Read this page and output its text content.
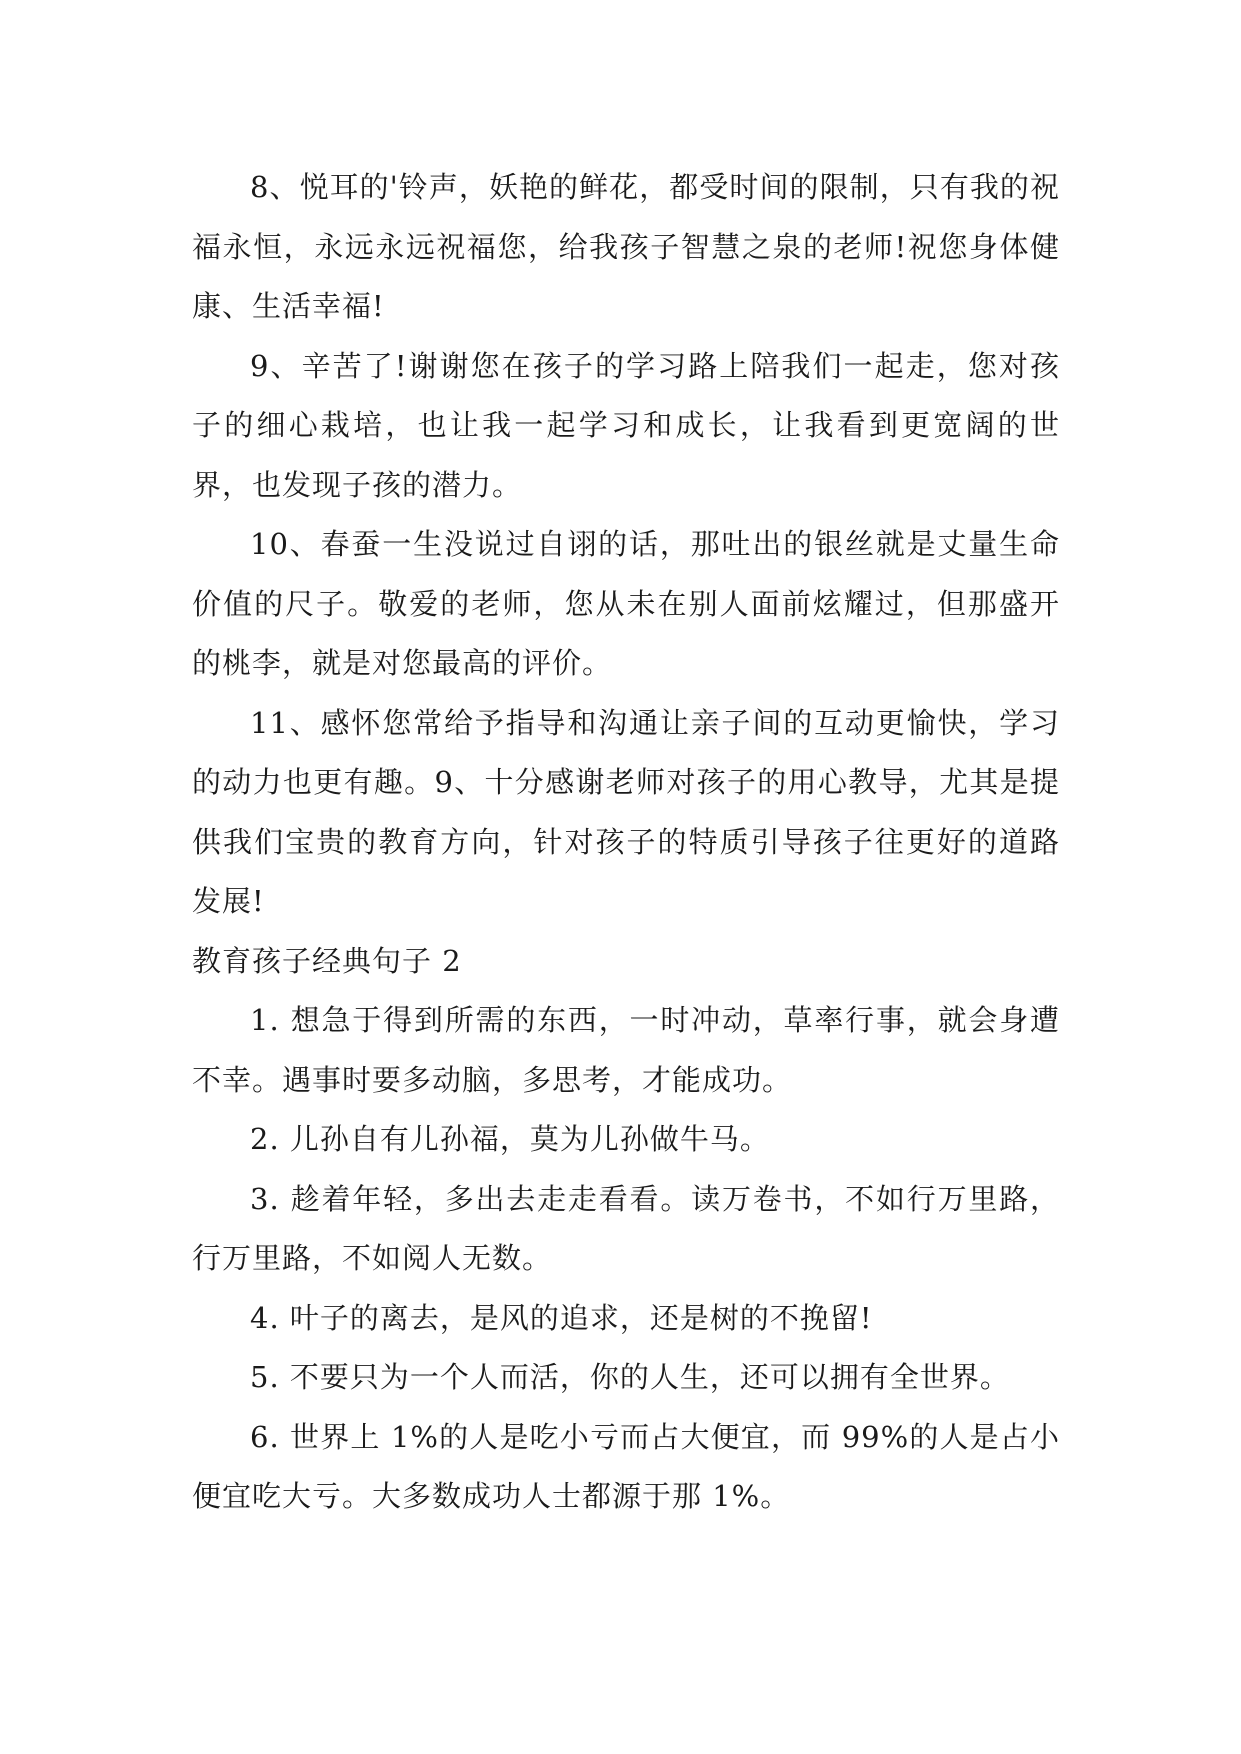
8、悦耳的'铃声，妖艳的鲜花，都受时间的限制，只有我的祝福永恒，永远永远祝福您，给我孩子智慧之泉的老师!祝您身体健康、生活幸福!

9、辛苦了!谢谢您在孩子的学习路上陪我们一起走，您对孩子的细心栽培，也让我一起学习和成长，让我看到更宽阔的世界，也发现子孩的潜力。

10、春蚕一生没说过自诩的话，那吐出的银丝就是丈量生命价值的尺子。敬爱的老师，您从未在别人面前炫耀过，但那盛开的桃李，就是对您最高的评价。

11、感怀您常给予指导和沟通让亲子间的互动更愉快，学习的动力也更有趣。9、十分感谢老师对孩子的用心教导，尤其是提供我们宝贵的教育方向，针对孩子的特质引导孩子往更好的道路发展!

教育孩子经典句子 2

1. 想急于得到所需的东西，一时冲动，草率行事，就会身遭不幸。遇事时要多动脑，多思考，才能成功。

2. 儿孙自有儿孙福，莫为儿孙做牛马。

3. 趁着年轻，多出去走走看看。读万卷书，不如行万里路，行万里路，不如阅人无数。

4. 叶子的离去，是风的追求，还是树的不挽留!

5. 不要只为一个人而活，你的人生，还可以拥有全世界。

6. 世界上 1%的人是吃小亏而占大便宜，而 99%的人是占小便宜吃大亏。大多数成功人士都源于那 1%。
